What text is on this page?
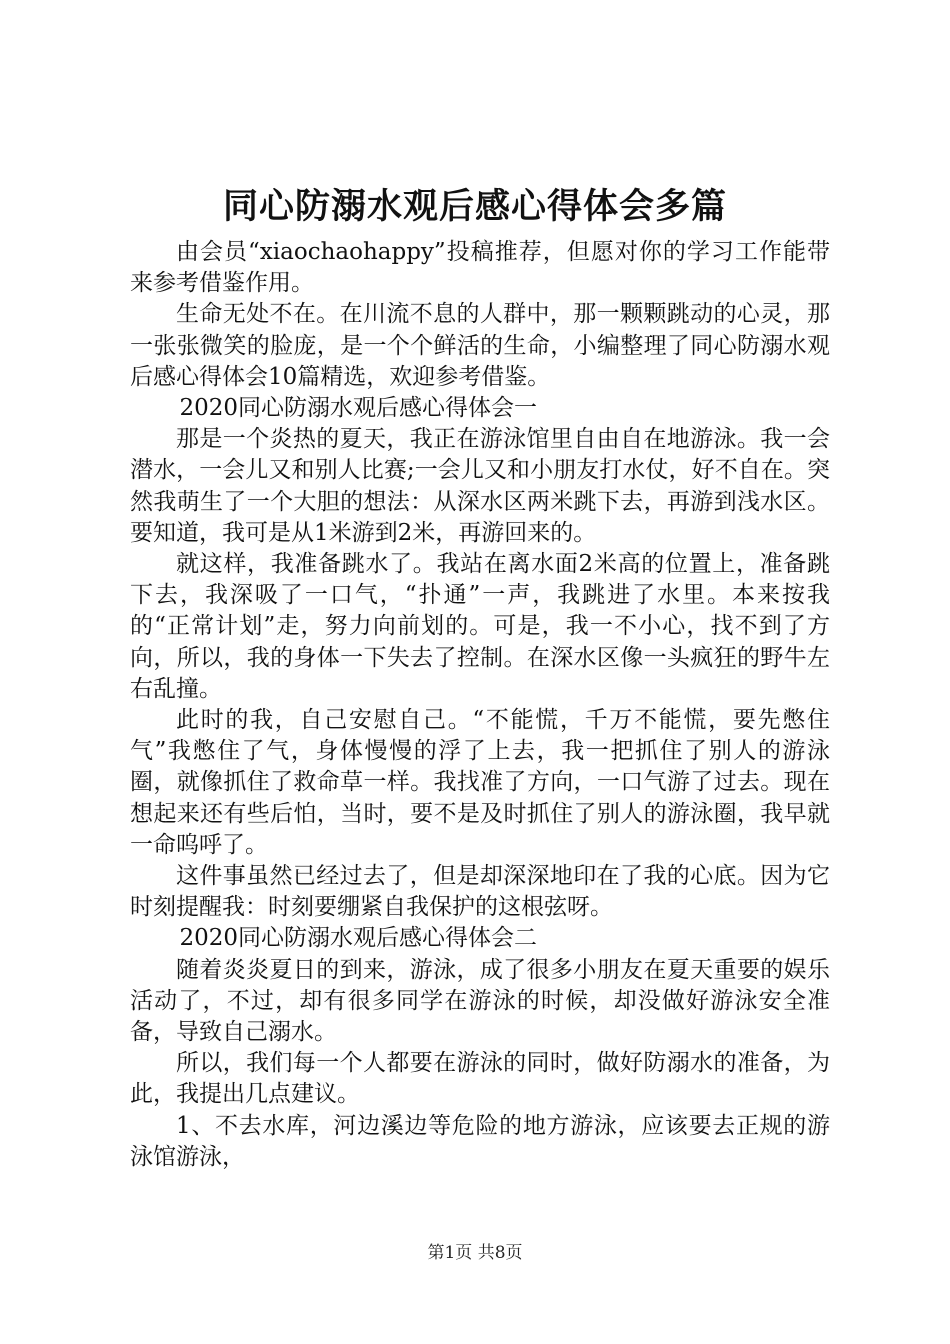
同心防溺水观后感心得体会多篇

由会员“xiaochaohappy”投稿推荐，但愿对你的学习工作能带来参考借鉴作用。

生命无处不在。在川流不息的人群中，那一颗颗跳动的心灵，那一张张微笑的脸庞，是一个个鲜活的生命，小编整理了同心防溺水观后感心得体会10篇精选，欢迎参考借鉴。

2020同心防溺水观后感心得体会一

那是一个炎热的夏天，我正在游泳馆里自由自在地游泳。我一会潜水，一会儿又和别人比赛;一会儿又和小朋友打水仗，好不自在。突然我萌生了一个大胆的想法：从深水区两米跳下去，再游到浅水区。要知道，我可是从1米游到2米，再游回来的。

就这样，我准备跳水了。我站在离水面2米高的位置上，准备跳下去，我深吸了一口气，“扑通”一声，我跳进了水里。本来按我的“正常计划”走，努力向前划的。可是，我一不小心，找不到了方向，所以，我的身体一下失去了控制。在深水区像一头疯狂的野牛左右乱撞。

此时的我，自己安慰自己。“不能慌，千万不能慌，要先憋住气”我憋住了气，身体慢慢的浮了上去，我一把抓住了别人的游泳圈，就像抓住了救命草一样。我找准了方向，一口气游了过去。现在想起来还有些后怕，当时，要不是及时抓住了别人的游泳圈，我早就一命呜呼了。

这件事虽然已经过去了，但是却深深地印在了我的心底。因为它时刻提醒我：时刻要绷紧自我保护的这根弦呀。

2020同心防溺水观后感心得体会二

随着炎炎夏日的到来，游泳，成了很多小朋友在夏天重要的娱乐活动了，不过，却有很多同学在游泳的时候，却没做好游泳安全准备，导致自己溺水。

所以，我们每一个人都要在游泳的同时，做好防溺水的准备，为此，我提出几点建议。

1、不去水库，河边溪边等危险的地方游泳，应该要去正规的游泳馆游泳，

第1页 共8页
